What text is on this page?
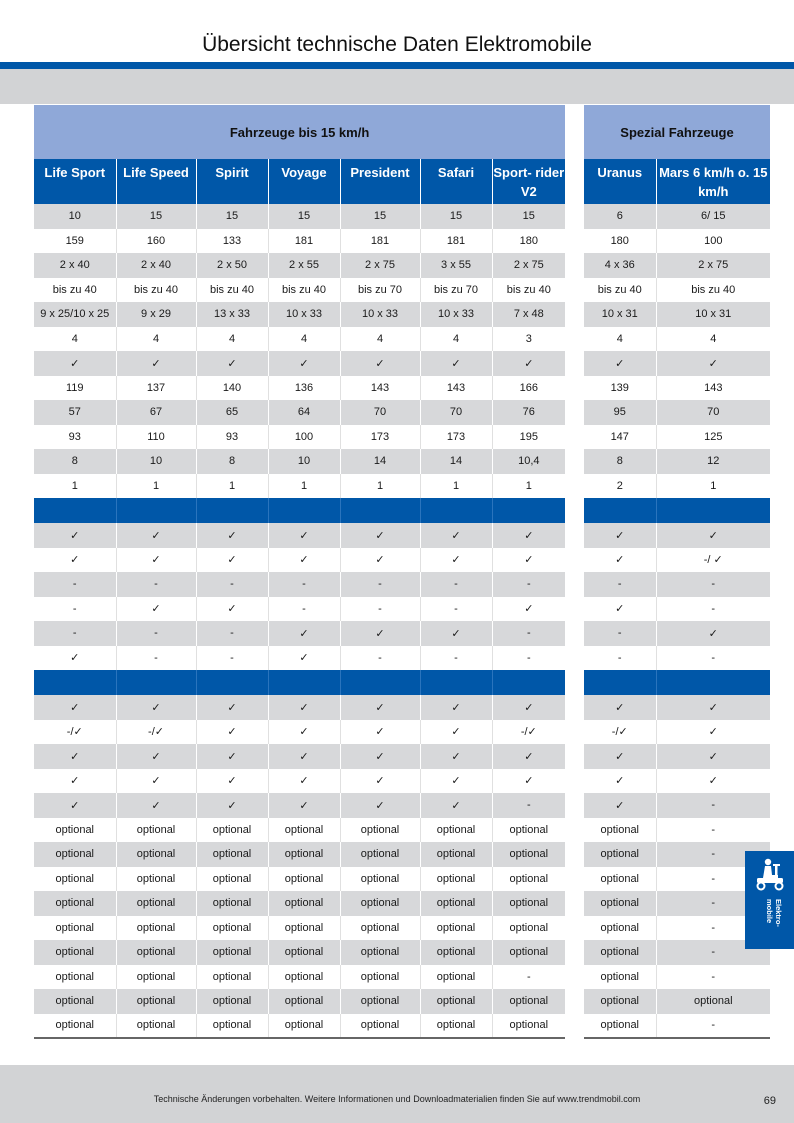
Übersicht technische Daten Elektromobile
Fahrzeuge bis 15 km/h						
Life Sport	Life Speed	Spirit	Voyage	President	Safari	Sport- rider V2
10	15	15	15	15	15	15
159	160	133	181	181	181	180
2 x 40	2 x 40	2 x 50	2 x 55	2 x 75	3 x 55	2 x 75
bis zu 40	bis zu 40	bis zu 40	bis zu 40	bis zu 70	bis zu 70	bis zu 40
9 x 25/10 x 25	9 x 29	13 x 33	10 x 33	10 x 33	10 x 33	7 x 48
4	4	4	4	4	4	3
✓	✓	✓	✓	✓	✓	✓
119	137	140	136	143	143	166
57	67	65	64	70	70	76
93	110	93	100	173	173	195
8	10	8	10	14	14	10,4
1	1	1	1	1	1	1

✓	✓	✓	✓	✓	✓	✓
✓	✓	✓	✓	✓	✓	✓
-	-	-	-	-	-	-
-	✓	✓	-	-	-	✓
-	-	-	✓	✓	✓	-
✓	-	-	✓	-	-	-

✓	✓	✓	✓	✓	✓	✓
-/✓	-/✓	✓	✓	✓	✓	-/✓
✓	✓	✓	✓	✓	✓	✓
✓	✓	✓	✓	✓	✓	✓
✓	✓	✓	✓	✓	✓	-
optional	optional	optional	optional	optional	optional	optional
optional	optional	optional	optional	optional	optional	optional
optional	optional	optional	optional	optional	optional	optional
optional	optional	optional	optional	optional	optional	optional
optional	optional	optional	optional	optional	optional	optional
optional	optional	optional	optional	optional	optional	optional
optional	optional	optional	optional	optional	optional	-
optional	optional	optional	optional	optional	optional	optional
optional	optional	optional	optional	optional	optional	optional
Spezial Fahrzeuge	
Uranus	Mars 6 km/h o. 15 km/h
6	6/ 15
180	100
4 x 36	2 x 75
bis zu 40	bis zu 40
10 x 31	10 x 31
4	4
✓	✓
139	143
95	70
147	125
8	12
2	1

✓	✓
✓	-/ ✓
-	-
✓	-
-	✓
-	-

✓	✓
-/✓	✓
✓	✓
✓	✓
✓	-
optional	-
optional	-
optional	-
optional	-
optional	-
optional	-
optional	-
optional	optional
optional	-
Elektro- mobile
Technische Änderungen vorbehalten. Weitere Informationen und Downloadmaterialien finden Sie auf www.trendmobil.com	69
